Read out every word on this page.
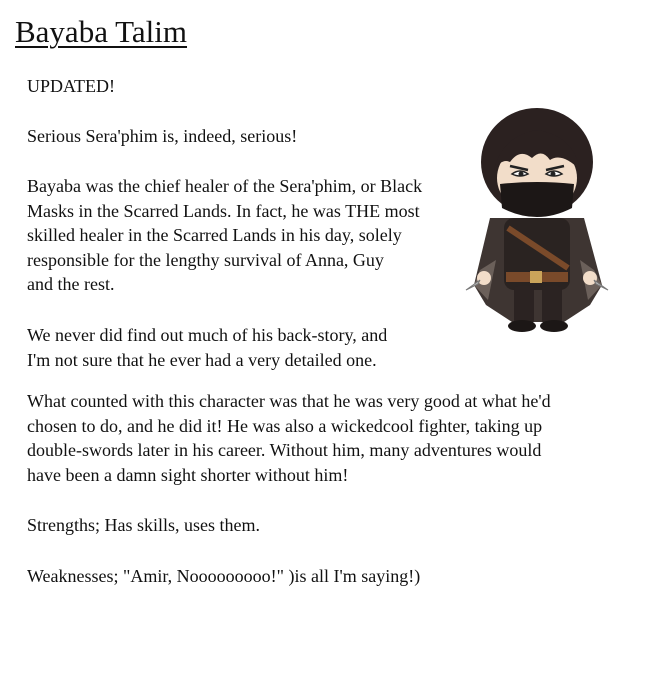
Bayaba Talim

UPDATED!

Serious Sera'phim is, indeed, serious!

Bayaba was the chief healer of the Sera'phim, or Black
Masks in the Scarred Lands. In fact, he was THE most
skilled healer in the Scarred Lands in his day, solely
responsible for the lengthy survival of Anna, Guy
and the rest.

We never did find out much of his back-story, and
I'm not sure that he ever had a very detailed one.

What counted with this character was that he was very good at what he'd
chosen to do, and he did it! He was also a wickedcool fighter, taking up
double-swords later in his career. Without him, many adventures would
have been a damn sight shorter without him!

Strengths; Has skills, uses them.

Weaknesses; "Amir, Nooooooooo!" )is all I'm saying!)
